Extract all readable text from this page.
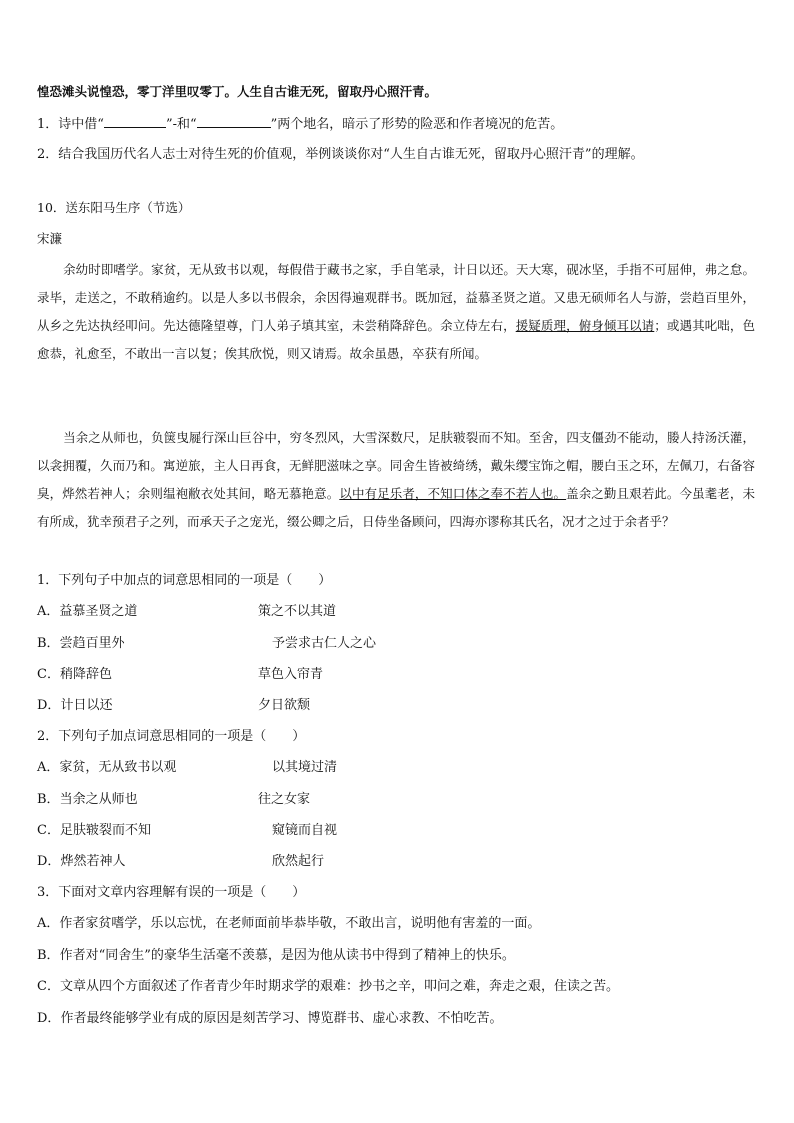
惶恐滩头说惶恐，零丁洋里叹零丁。人生自古谁无死，留取丹心照汗青。
1．诗中借“	”-和“	”两个地名，暗示了形势的险恶和作者境况的危苦。
2．结合我国历代名人志士对待生死的价值观，举例谈谈你对“人生自古谁无死，留取丹心照汗青”的理解。
10．送东阳马生序（节选）
宋濂
余幼时即嗜学。家贫，无从致书以观，每假借于藏书之家，手自笔录，计日以还。天大寒，砚冰坚，手指不可屈伸，弗之怠。录毕，走送之，不敢稍逾约。以是人多以书假余，余因得遍观群书。既加冠，益慕圣贤之道。又患无硕师名人与游，尝趋百里外，从乡之先达执经叩问。先达德隆望尊，门人弟子填其室，未尝稍降辞色。余立侍左右，援疑质理，俯身倾耳以请；或遇其叱咄，色愈恭，礼愈至，不敢出一言以复；俟其欣悦，则又请焉。故余虽愚，卒获有所闻。
当余之从师也，负箧曳屣行深山巨谷中，穷冬烈风，大雪深数尺，足肤皲裂而不知。至舍，四支僵劲不能动，媵人持汤沃灌，以衾拥覆，久而乃和。寓逆旅，主人日再食，无鲜肥滋味之享。同舍生皆被绮绣，戴朱缨宝饰之帽，腰白玉之环，左佩刀，右备容臭，烨然若神人；余则缊袍敝衣处其间，略无慕艳意。以中有足乐者，不知口体之奉不若人也。盖余之勤且艰若此。今虽耄老，未有所成，犹幸预君子之列，而承天子之宠光，缀公卿之后，日侍坐备顾问，四海亦谬称其氏名，况才之过于余者乎？
1．下列句子中加点的词意思相同的一项是（　　）
A．益慕圣贤之道	策之不以其道
B．尝趋百里外	予尝求古仁人之心
C．稍降辞色	草色入帘青
D．计日以还	夕日欲颓
2．下列句子加点词意思相同的一项是（　　）
A．家贫，无从致书以观	以其境过清
B．当余之从师也	往之女家
C．足肤皲裂而不知	窥镜而自视
D．烨然若神人	欣然起行
3．下面对文章内容理解有误的一项是（　　）
A．作者家贫嗜学，乐以忘忧，在老师面前毕恭毕敬，不敢出言，说明他有害羞的一面。
B．作者对“同舍生”的豪华生活毫不羡慕，是因为他从读书中得到了精神上的快乐。
C．文章从四个方面叙述了作者青少年时期求学的艰难：抄书之辛，叩问之难，奔走之艰，住读之苦。
D．作者最终能够学业有成的原因是刻苦学习、博览群书、虚心求教、不怕吃苦。
